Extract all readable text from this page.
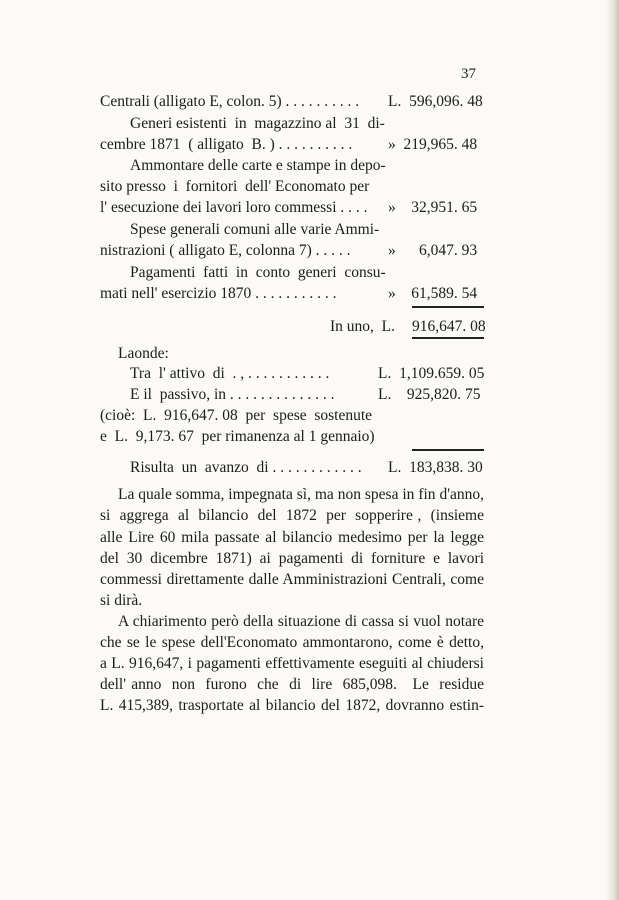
37
Centrali (alligato E, colon. 5) . . . . . . . . . . L.  596,096. 48
Generi esistenti  in  magazzino al  31  di-
cembre 1871  ( alligato  B. ) . . . . . . . . . . »  219,965. 48
Ammontare delle carte e stampe in depo-
sito presso  i  fornitori  dell' Economato per
l' esecuzione dei lavori loro commessi . . . . »    32,951. 65
Spese generali comuni alle varie Ammi-
nistrazioni ( alligato E, colonna 7) . . . . . »      6,047. 93
Pagamenti  fatti  in  conto  generi  consu-
mati nell' esercizio 1870 . . . . . . . . . . .	»    61,589. 54
In uno,  L. 916,647. 08
Laonde:
Tra  l' attivo  di  . , . . . . . . . . . . .	L.  1,109.659. 05
E il  passivo, in . . . . . . . . . . . . . .	L.    925,820. 75
(cioè:  L.  916,647. 08  per  spese  sostenute
e  L.  9,173. 67  per rimanenza al 1 gennaio)
Risulta  un  avanzo  di . . . . . . . . . . . . L.  183,838. 30
La quale somma, impegnata sì, ma non spesa in fin d'anno,
si  aggrega  al  bilancio  del  1872  per  sopperire ,  (insieme
alle Lire 60 mila passate al bilancio medesimo per la legge
del  30  dicembre  1871)  ai  pagamenti  di  forniture  e  lavori
commessi direttamente dalle Amministrazioni Centrali, come
si dirà.
A chiarimento però della situazione di cassa si vuol notare
che se le spese dell'Economato ammontarono, come è detto,
a L. 916,647, i pagamenti effettivamente eseguiti al chiudersi
dell' anno  non  furono  che  di  lire  685,098.   Le  residue
L. 415,389, trasportate al bilancio del 1872, dovranno estin-
